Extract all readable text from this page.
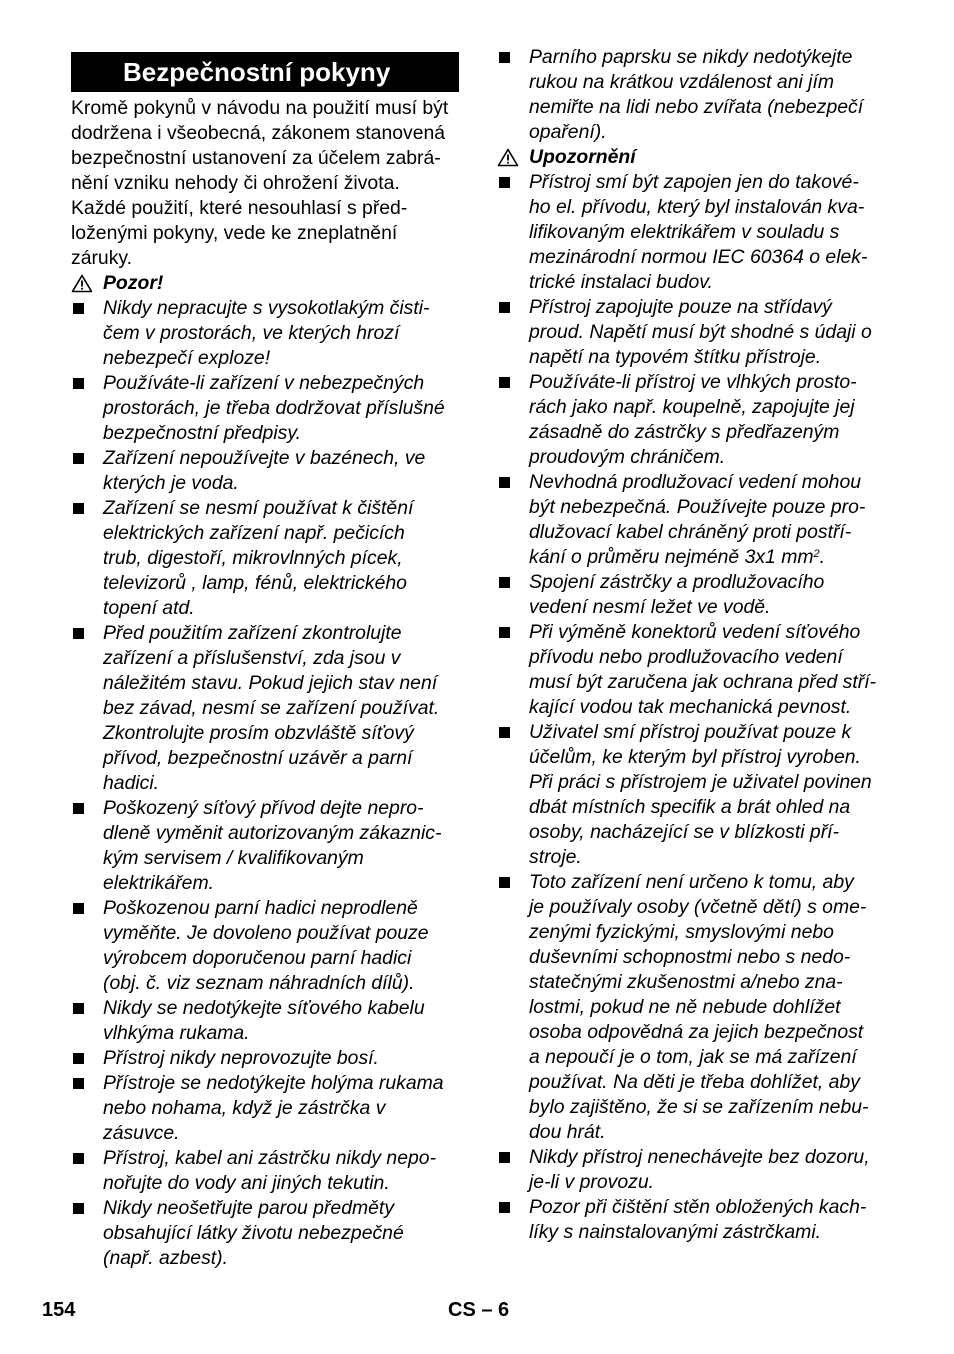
Bezpečnostní pokyny
Kromě pokynů v návodu na použití musí být
dodržena i všeobecná, zákonem stanovená
bezpečnostní ustanovení za účelem zabrá-
nění vzniku nehody či ohrožení života.
Každé použití, které nesouhlasí s před-
loženými pokyny, vede ke zneplatnění
záruky.
Pozor!
Nikdy nepracujte s vysokotlakým čisti-
čem v prostorách, ve kterých hrozí
nebezpečí exploze!
Používáte-li zařízení v nebezpečných
prostorách, je třeba dodržovat příslušné
bezpečnostní předpisy.
Zařízení nepoužívejte v bazénech, ve
kterých je voda.
Zařízení se nesmí používat k čištění
elektrických zařízení např. pečicích
trub, digestoří, mikrovlnných pícek,
televizorů , lamp, fénů, elektrického
topení atd.
Před použitím zařízení zkontrolujte
zařízení a příslušenství, zda jsou v
náležitém stavu. Pokud jejich stav není
bez závad, nesmí se zařízení používat.
Zkontrolujte prosím obzvláště síťový
přívod, bezpečnostní uzávěr a parní
hadici.
Poškozený síťový přívod dejte nepro-
dleně vyměnit autorizovaným zákaznic-
kým servisem / kvalifikovaným
elektrikářem.
Poškozenou parní hadici neprodleně
vyměňte. Je dovoleno používat pouze
výrobcem doporučenou parní hadici
(obj. č. viz seznam náhradních dílů).
Nikdy se nedotýkejte síťového kabelu
vlhkýma rukama.
Přístroj nikdy neprovozujte bosí.
Přístroje se nedotýkejte holýma rukama
nebo nohama, když je zástrčka v
zásuvce.
Přístroj, kabel ani zástrčku nikdy nepo-
nořujte do vody ani jiných tekutin.
Nikdy neošetřujte parou předměty
obsahující látky životu nebezpečné
(např. azbest).
Parního paprsku se nikdy nedotýkejte
rukou na krátkou vzdálenost ani jím
nemiřte na lidi nebo zvířata (nebezpečí
opaření).
Upozornění
Přístroj smí být zapojen jen do takové-
ho el. přívodu, který byl instalován kva-
lifikovaným elektrikářem v souladu s
mezinárodní normou IEC 60364 o elek-
trické instalaci budov.
Přístroj zapojujte pouze na střídavý
proud. Napětí musí být shodné s údaji o
napětí na typovém štítku přístroje.
Používáte-li přístroj ve vlhkých prosto-
rách jako např. koupelně, zapojujte jej
zásadně do zástrčky s předřazeným
proudovým chráničem.
Nevhodná prodlužovací vedení mohou
být nebezpečná. Používejte pouze pro-
dlužovací kabel chráněný proti postří-
kání o průměru nejméně 3x1 $mm^2$.
Spojení zástrčky a prodlužovacího
vedení nesmí ležet ve vodě.
Při výměně konektorů vedení síťového
přívodu nebo prodlužovacího vedení
musí být zaručena jak ochrana před stří-
kající vodou tak mechanická pevnost.
Uživatel smí přístroj používat pouze k
účelům, ke kterým byl přístroj vyroben.
Při práci s přístrojem je uživatel povinen
dbát místních specifik a brát ohled na
osoby, nacházející se v blízkosti pří-
stroje.
Toto zařízení není určeno k tomu, aby
je používaly osoby (včetně dětí) s ome-
zenými fyzickými, smyslovými nebo
duševními schopnostmi nebo s nedo-
statečnými zkušenostmi a/nebo zna-
lostmi, pokud ne ně nebude dohlížet
osoba odpovědná za jejich bezpečnost
a nepoučí je o tom, jak se má zařízení
používat. Na děti je třeba dohlížet, aby
bylo zajištěno, že si se zařízením nebu-
dou hrát.
Nikdy přístroj nenechávejte bez dozoru,
je-li v provozu.
Pozor při čištění stěn obložených kach-
líky s nainstalovanými zástrčkami.
154	CS – 6
